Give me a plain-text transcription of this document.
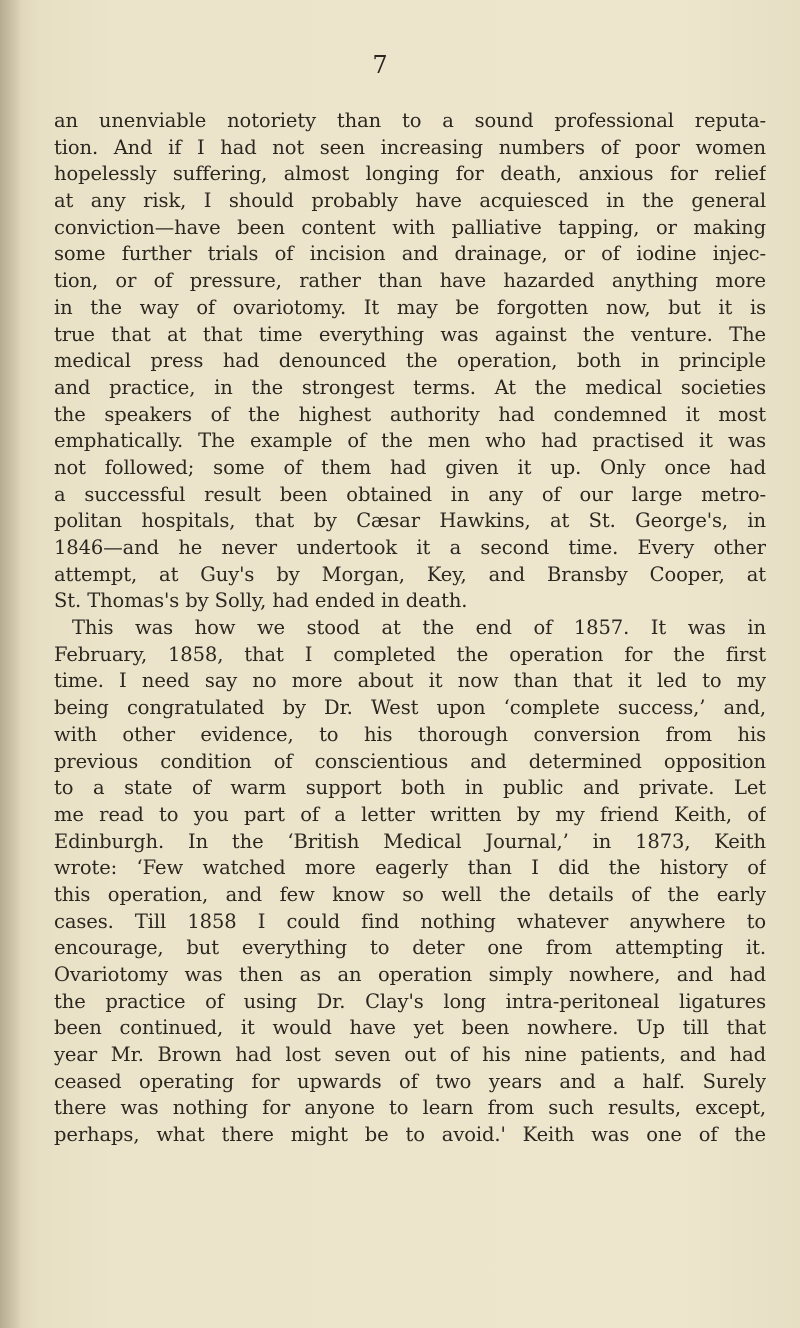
7
an unenviable notoriety than to a sound professional reputa-
tion. And if I had not seen increasing numbers of poor women
hopelessly suffering, almost longing for death, anxious for relief
at any risk, I should probably have acquiesced in the general
conviction—have been content with palliative tapping, or making
some further trials of incision and drainage, or of iodine injec-
tion, or of pressure, rather than have hazarded anything more
in the way of ovariotomy. It may be forgotten now, but it is
true that at that time everything was against the venture. The
medical press had denounced the operation, both in principle
and practice, in the strongest terms. At the medical societies
the speakers of the highest authority had condemned it most
emphatically. The example of the men who had practised it was
not followed; some of them had given it up. Only once had
a successful result been obtained in any of our large metro-
politan hospitals, that by Cæsar Hawkins, at St. George's, in
1846—and he never undertook it a second time. Every other
attempt, at Guy's by Morgan, Key, and Bransby Cooper, at
St. Thomas's by Solly, had ended in death.
This was how we stood at the end of 1857. It was in
February, 1858, that I completed the operation for the first
time. I need say no more about it now than that it led to my
being congratulated by Dr. West upon ‘complete success,’ and,
with other evidence, to his thorough conversion from his
previous condition of conscientious and determined opposition
to a state of warm support both in public and private. Let
me read to you part of a letter written by my friend Keith, of
Edinburgh. In the ‘British Medical Journal,’ in 1873, Keith
wrote: ‘Few watched more eagerly than I did the history of
this operation, and few know so well the details of the early
cases. Till 1858 I could find nothing whatever anywhere to
encourage, but everything to deter one from attempting it.
Ovariotomy was then as an operation simply nowhere, and had
the practice of using Dr. Clay's long intra-peritoneal ligatures
been continued, it would have yet been nowhere. Up till that
year Mr. Brown had lost seven out of his nine patients, and had
ceased operating for upwards of two years and a half. Surely
there was nothing for anyone to learn from such results, except,
perhaps, what there might be to avoid.' Keith was one of the
